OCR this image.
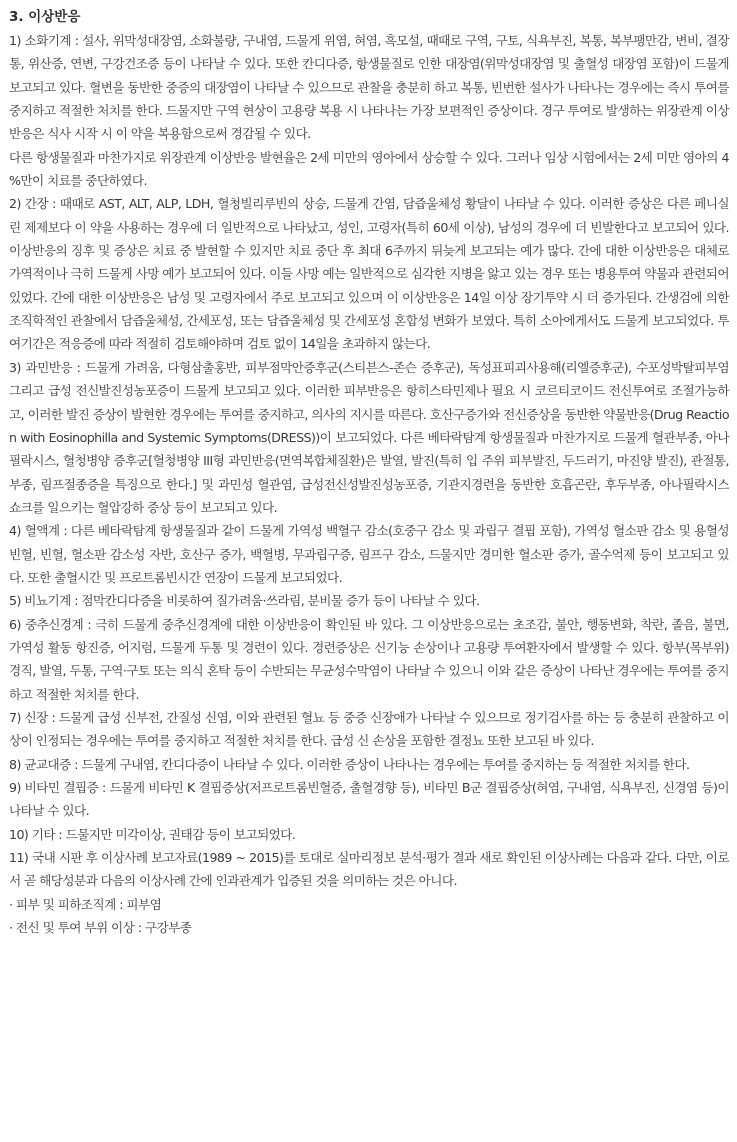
3. 이상반응

1) 소화기계 : 설사, 위막성대장염, 소화불량, 구내염, 드물게 위염, 혀염, 흑모설, 때때로 구역, 구토, 식욕부진, 복통, 복부팽만감, 변비, 결장통, 위산증, 연변, 구강건조증 등이 나타날 수 있다. 또한 칸디다증, 항생물질로 인한 대장염(위막성대장염 및 출혈성 대장염 포함)이 드물게 보고되고 있다. 혈변을 동반한 중증의 대장염이 나타날 수 있으므로 관찰을 충분히 하고 복통, 빈번한 설사가 나타나는 경우에는 즉시 투여를 중지하고 적절한 처치를 한다. 드물지만 구역 현상이 고용량 복용 시 나타나는 가장 보편적인 증상이다. 경구 투여로 발생하는 위장관계 이상반응은 식사 시작 시 이 약을 복용함으로써 경감될 수 있다.

다른 항생물질과 마찬가지로 위장관계 이상반응 발현율은 2세 미만의 영아에서 상승할 수 있다. 그러나 임상 시험에서는 2세 미만 영아의 4 %만이 치료를 중단하였다.

2) 간장 : 때때로 AST, ALT, ALP, LDH, 혈청빌리루빈의 상승, 드물게 간염, 담즙울체성 황달이 나타날 수 있다. 이러한 증상은 다른 페니실린 제제보다 이 약을 사용하는 경우에 더 일반적으로 나타났고, 성인, 고령자(특히 60세 이상), 남성의 경우에 더 빈발한다고 보고되어 있다. 이상반응의 징후 및 증상은 치료 중 발현할 수 있지만 치료 중단 후 최대 6주까지 뒤늦게 보고되는 예가 많다. 간에 대한 이상반응은 대체로 가역적이나 극히 드물게 사망 예가 보고되어 있다. 이들 사망 예는 일반적으로 심각한 지병을 앓고 있는 경우 또는 병용투여 약물과 관련되어 있었다. 간에 대한 이상반응은 남성 및 고령자에서 주로 보고되고 있으며 이 이상반응은 14일 이상 장기투약 시 더 증가된다. 간생검에 의한 조직학적인 관찰에서 담즙울체성, 간세포성, 또는 담즙울체성 및 간세포성 혼합성 변화가 보였다. 특히 소아에게서도 드물게 보고되었다. 투여기간은 적응증에 따라 적절히 검토해야하며 검토 없이 14일을 초과하지 않는다.

3) 과민반응 : 드물게 가려움, 다형삼출홍반, 피부점막안증후군(스티븐스-존슨 증후군), 독성표피괴사용해(리엘증후군), 수포성박탈피부염 그리고 급성 전신발진성농포증이 드물게 보고되고 있다. 이러한 피부반응은 항히스타민제나 필요 시 코르티코이드 전신투여로 조절가능하고, 이러한 발진 증상이 발현한 경우에는 투여를 중지하고, 의사의 지시를 따른다. 호산구증가와 전신증상을 동반한 약물반응(Drug Reaction with Eosinophilla and Systemic Symptoms(DRESS))이 보고되었다. 다른 베타락탐계 항생물질과 마찬가지로 드물게 혈관부종, 아나필락시스, 혈청병양 증후군[혈청병양 III형 과민반응(면역복합체질환)은 발열, 발진(특히 입 주위 피부발진, 두드러기, 마진양 발진), 관절통, 부종, 림프절종증을 특징으로 한다.] 및 과민성 혈관염, 급성전신성발진성농포증, 기관지경련을 동반한 호흡곤란, 후두부종, 아나필락시스 쇼크를 일으키는 혈압강하 증상 등이 보고되고 있다.

4) 혈액계 : 다른 베타락탐계 항생물질과 같이 드물게 가역성 백혈구 감소(호중구 감소 및 과립구 결핍 포함), 가역성 혈소판 감소 및 용혈성 빈혈, 빈혈, 혈소판 감소성 자반, 호산구 증가, 백혈병, 무과립구증, 림프구 감소, 드물지만 경미한 혈소판 증가, 골수억제 등이 보고되고 있다. 또한 출혈시간 및 프로트롬빈시간 연장이 드물게 보고되었다.

5) 비뇨기계 : 점막칸디다증을 비롯하여 질가려움·쓰라림, 분비물 증가 등이 나타날 수 있다.

6) 중추신경계 : 극히 드물게 중추신경계에 대한 이상반응이 확인된 바 있다. 그 이상반응으로는 초조감, 불안, 행동변화, 착란, 졸음, 불면, 가역성 활동 항진증, 어지럼, 드물게 두통 및 경련이 있다. 경련증상은 신기능 손상이나 고용량 투여환자에서 발생할 수 있다. 항부(목부위)경직, 발열, 두통, 구역·구토 또는 의식 혼탁 등이 수반되는 무균성수막염이 나타날 수 있으니 이와 같은 증상이 나타난 경우에는 투여를 중지하고 적절한 처치를 한다.

7) 신장 : 드물게 급성 신부전, 간질성 신염, 이와 관련된 혈뇨 등 중증 신장애가 나타날 수 있으므로 정기검사를 하는 등 충분히 관찰하고 이상이 인정되는 경우에는 투여를 중지하고 적절한 처치를 한다. 급성 신 손상을 포함한 결정뇨 또한 보고된 바 있다.

8) 균교대증 : 드물게 구내염, 칸디다증이 나타날 수 있다. 이러한 증상이 나타나는 경우에는 투여를 중지하는 등 적절한 처치를 한다.

9) 비타민 결핍증 : 드물게 비타민 K 결핍증상(저프로트롬빈혈증, 출혈경향 등), 비타민 B군 결핍증상(혀염, 구내염, 식욕부진, 신경염 등)이 나타날 수 있다.

10) 기타 : 드물지만 미각이상, 권태감 등이 보고되었다.

11) 국내 시판 후 이상사례 보고자료(1989 ~ 2015)를 토대로 실마리정보 분석·평가 결과 새로 확인된 이상사례는 다음과 같다. 다만, 이로서 곧 해당성분과 다음의 이상사례 간에 인과관계가 입증된 것을 의미하는 것은 아니다.

· 피부 및 피하조직계 : 피부염

· 전신 및 투여 부위 이상 : 구강부종
